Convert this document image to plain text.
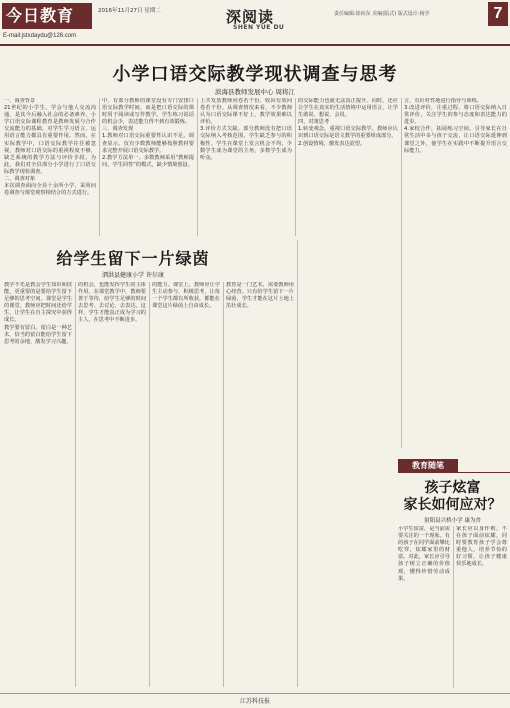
今日教育	2016年11月27日 星期二
E-mail:jstxdaydu@126.com
深阅读
SHEN YUE DU
责任编辑:徐向东 美编(版式) 版式设计:杨学	7
小学口语交际教学现状调查与思考
滨海县教师发展中心 周将江
一、调查背景
21世纪的小学生，学会与他人交流沟通，是其今后融入社会的必备素养。小学口语交际课程教育是教师发展与合作交流能力的基础，对学生学习语言、运用语言能力都具有重要作用。然而，在实际教学中，口语交际教学往往被忽视，教师对口语交际的重视程度不够，缺乏系统的教学方法与评价手段。为此，我们对全县部分小学进行了口语交际教学现状调查。
二、调查对象
本次调查面向全县十余所小学，采用问卷调查与课堂观察相结合的方式进行。
中，有部分教师的课堂没有专门安排口语交际教学时间，而是把口语交际的课时用于阅读或写作教学。学生练习说话的机会少，表达能力得不到有效锻炼。
三、调查发现
1.教师对口语交际重要性认识不足。调查显示，仅有少数教师能够按照教材要求完整开展口语交际教学。
2.教学方法单一。多数教师采用“教师提问、学生回答”的模式，缺少情境创设。
上共发放教师问卷若干份，收回有效问卷若干份。从调查情况来看，不少教师认为口语交际课不好上，教学效果难以评价。
3.评价方式欠缺。部分教师没有把口语交际纳入考核范围，学生缺乏参与的积极性。学生在课堂上发言机会不均，少数学生成为课堂的主角，多数学生成为听众。
的交际能力也就无法真正提升。同时，还应让学生在真实的生活情境中运用语言，让学生敢说、想说、会说。
四、对策思考
1.转变观念，重视口语交际教学。教师应认识到口语交际是语文教学的重要组成部分。
2.创设情境，激发表达欲望。
言，有针对性地进行指导与训练。
3.改进评价，注重过程。将口语交际纳入日常评价，关注学生的参与态度和表达能力的进步。
4.家校合作，拓展练习空间。引导家长在日常生活中多与孩子交流，让口语交际延伸到课堂之外，使学生在实践中不断提升语言交际能力。
给学生留下一片绿茵
泗洪县健康小学 许尔康
教学不光是教会学生知识和技能，更重要的是要给学生留下足够的思考空间。课堂是学生的课堂，教师应把时间还给学生，让学生在自主探究中获得成长。
教学要有留白。留白是一种艺术，恰当的留白能给学生留下思考的余地，激发学习兴趣。
的机会，也能发挥学生的主体作用。在课堂教学中，教师要善于等待，给学生足够的时间去思考、去讨论、去表达。这样，学生才能真正成为学习的主人，在思考中不断进步。
的能力。课堂上，教师应让学生主动参与，积极思考，让每一个学生都有所收获，都能在课堂这片绿茵上自由成长。
教育是一门艺术，需要教师用心经营。只有给学生留下一片绿茵，学生才能在这片土地上茁壮成长。
教育随笔
孩子炫富
家长如何应对？
射阳县兴桥小学 康为舍
小学生炫富，是当前需要关注的一个现象。有的孩子在同学面前攀比吃穿，炫耀家里的财富。对此，家长应引导孩子树立正确的价值观，懂得珍惜劳动成果。
家长应以身作则，不在孩子面前炫耀，同时要教育孩子学会尊重他人，培养节俭的好习惯，让孩子健康快乐地成长。
江苏科技报
